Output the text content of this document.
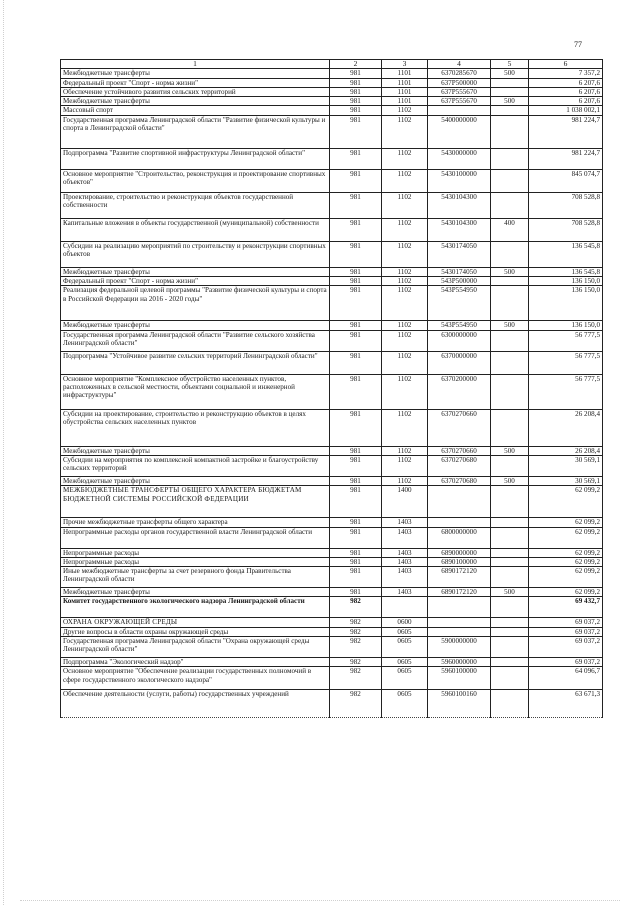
77
1	2	3	4	5	6
Межбюджетные трансферты	981	1101	6370285670	500	7 357,2
Федеральный проект "Спорт - норма жизни"	981	1101	637P500000		6 207,6
Обеспечение устойчивого развития сельских территорий	981	1101	637P555670		6 207,6
Межбюджетные трансферты	981	1101	637P555670	500	6 207,6
Массовый спорт	981	1102			1 038 002,1
Государственная программа Ленинградской области "Развитие физической культуры и спорта в Ленинградской области"	981	1102	5400000000		981 224,7
Подпрограмма "Развитие спортивной инфраструктуры Ленинградской области"	981	1102	5430000000		981 224,7
Основное мероприятие "Строительство, реконструкция и проектирование спортивных объектов"	981	1102	5430100000		845 074,7
Проектирование, строительство и реконструкция объектов государственной собственности	981	1102	5430104300		708 528,8
Капитальные вложения в объекты государственной (муниципальной) собственности	981	1102	5430104300	400	708 528,8
Субсидии на реализацию мероприятий по строительству и реконструкции спортивных объектов	981	1102	5430174050		136 545,8
Межбюджетные трансферты	981	1102	5430174050	500	136 545,8
Федеральный проект "Спорт - норма жизни"	981	1102	543P500000		136 150,0
Реализация федеральной целевой программы "Развитие физической культуры и спорта в Российской Федерации на 2016 - 2020 годы"	981	1102	543P554950		136 150,0
Межбюджетные трансферты	981	1102	543P554950	500	136 150,0
Государственная программа Ленинградской области "Развитие сельского хозяйства Ленинградской области"	981	1102	6300000000		56 777,5
Подпрограмма "Устойчивое развитие сельских территорий Ленинградской области"	981	1102	6370000000		56 777,5
Основное мероприятие "Комплексное обустройство населенных пунктов, расположенных в сельской местности, объектами социальной и инженерной инфраструктуры"	981	1102	6370200000		56 777,5
Субсидии на проектирование, строительство и реконструкцию объектов в целях обустройства сельских населенных пунктов	981	1102	6370270660		26 208,4
Межбюджетные трансферты	981	1102	6370270660	500	26 208,4
Субсидии на мероприятия по комплексной компактной застройке и благоустройству сельских территорий	981	1102	6370270680		30 569,1
Межбюджетные трансферты	981	1102	6370270680	500	30 569,1
МЕЖБЮДЖЕТНЫЕ ТРАНСФЕРТЫ ОБЩЕГО ХАРАКТЕРА БЮДЖЕТАМ БЮДЖЕТНОЙ СИСТЕМЫ РОССИЙСКОЙ ФЕДЕРАЦИИ	981	1400			62 099,2
Прочие межбюджетные трансферты общего характера	981	1403			62 099,2
Непрограммные расходы органов государственной власти Ленинградской области	981	1403	6800000000		62 099,2
Непрограммные расходы	981	1403	6890000000		62 099,2
Непрограммные расходы	981	1403	6890100000		62 099,2
Иные межбюджетные трансферты за счет резервного фонда Правительства Ленинградской области	981	1403	6890172120		62 099,2
Межбюджетные трансферты	981	1403	6890172120	500	62 099,2
Комитет государственного экологического надзора Ленинградской области	982				69 432,7
ОХРАНА ОКРУЖАЮЩЕЙ СРЕДЫ	982	0600			69 037,2
Другие вопросы в области охраны окружающей среды	982	0605			69 037,2
Государственная программа Ленинградской области "Охрана окружающей среды Ленинградской области"	982	0605	5900000000		69 037,2
Подпрограмма "Экологический надзор"	982	0605	5960000000		69 037,2
Основное мероприятие "Обеспечение реализации государственных полномочий в сфере государственного экологического надзора"	982	0605	5960100000		64 096,7
Обеспечение деятельности (услуги, работы) государственных учреждений	982	0605	5960100160		63 671,3
